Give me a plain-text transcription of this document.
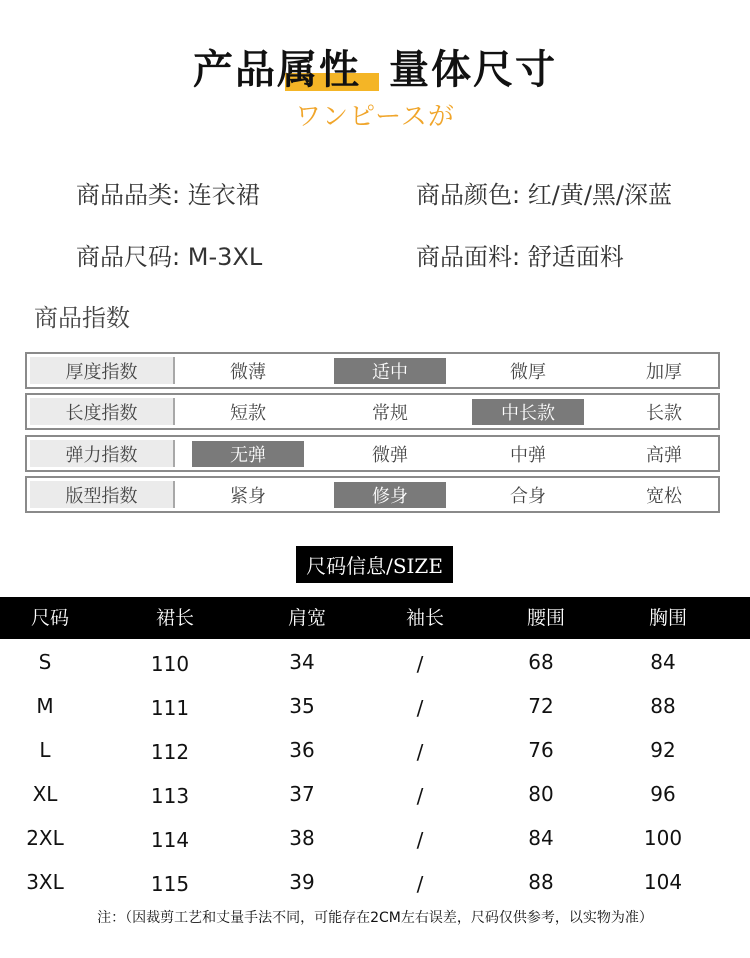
产品属性 量体尺寸
ワンピースが
商品品类: 连衣裙	商品颜色: 红/黄/黑/深蓝
商品尺码: M-3XL	商品面料: 舒适面料
商品指数
厚度指数	微薄	适中	微厚	加厚
长度指数	短款	常规	中长款	长款
弹力指数	无弹	微弹	中弹	高弹
版型指数	紧身	修身	合身	宽松
尺码信息/SIZE
尺码	裙长	肩宽	袖长	腰围	胸围
S	110	34	/	68	84
M	111	35	/	72	88
L	112	36	/	76	92
XL	113	37	/	80	96
2XL	114	38	/	84	100
3XL	115	39	/	88	104
注：（因裁剪工艺和丈量手法不同，可能存在2CM左右误差，尺码仅供参考，以实物为准）
